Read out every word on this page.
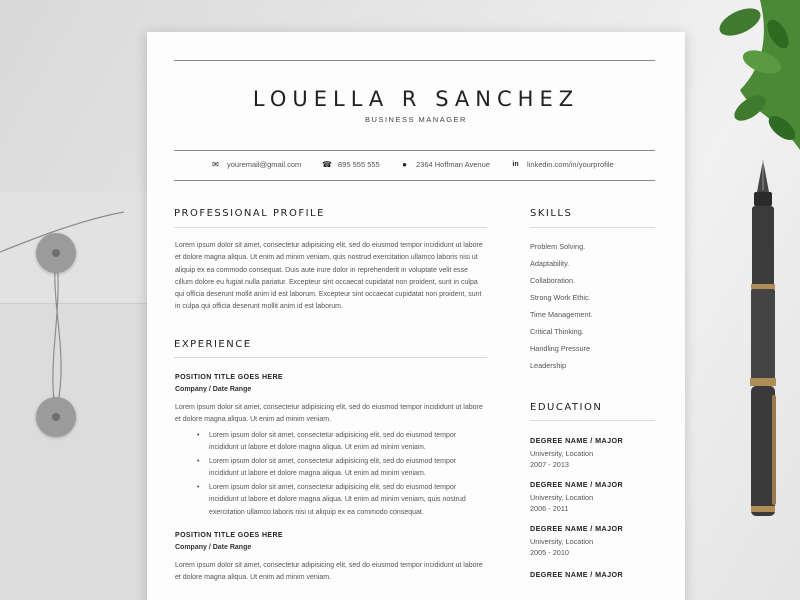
LOUELLA R SANCHEZ
BUSINESS MANAGER
✉ youremail@gmail.com	☎ 895 555 555	● 2364 Hoffman Avenue	in linkedin.com/in/yourprofile
PROFESSIONAL PROFILE
Lorem ipsum dolor sit amet, consectetur adipisicing elit, sed do eiusmod tempor incididunt ut labore et dolore magna aliqua. Ut enim ad minim veniam, quis nostrud exercitation ullamco laboris nisi ut aliquip ex ea commodo consequat. Duis aute irure dolor in reprehenderit in voluptate velit esse cillum dolore eu fugiat nulla pariatur. Excepteur sint occaecat cupidatat non proident, sunt in culpa qui officia deserunt mollit anim id est laborum. Excepteur sint occaecat cupidatat non proident, sunt in culpa qui officia deserunt mollit anim id est laborum.
EXPERIENCE
POSITION TITLE GOES HERE
Company / Date Range
Lorem ipsum dolor sit amet, consectetur adipisicing elit, sed do eiusmod tempor incididunt ut labore et dolore magna aliqua. Ut enim ad minim veniam.
• Lorem ipsum dolor sit amet, consectetur adipisicing elit, sed do eiusmod tempor incididunt ut labore et dolore magna aliqua. Ut enim ad minim veniam.
• Lorem ipsum dolor sit amet, consectetur adipisicing elit, sed do eiusmod tempor incididunt ut labore et dolore magna aliqua. Ut enim ad minim veniam.
• Lorem ipsum dolor sit amet, consectetur adipisicing elit, sed do eiusmod tempor incididunt ut labore et dolore magna aliqua. Ut enim ad minim veniam, quis nostrud exercitation ullamco laboris nisi ut aliquip ex ea commodo consequat.
POSITION TITLE GOES HERE
Company / Date Range
Lorem ipsum dolor sit amet, consectetur adipisicing elit, sed do eiusmod tempor incididunt ut labore et dolore magna aliqua. Ut enim ad minim veniam.
SKILLS
Problem Solving.
Adaptability.
Collaboration.
Strong Work Ethic.
Time Management.
Critical Thinking.
Handling Pressure
Leadership
EDUCATION
DEGREE NAME / MAJOR
University, Location
2007 - 2013
DEGREE NAME / MAJOR
University, Location
2006 - 2011
DEGREE NAME / MAJOR
University, Location
2005 - 2010
DEGREE NAME / MAJOR
